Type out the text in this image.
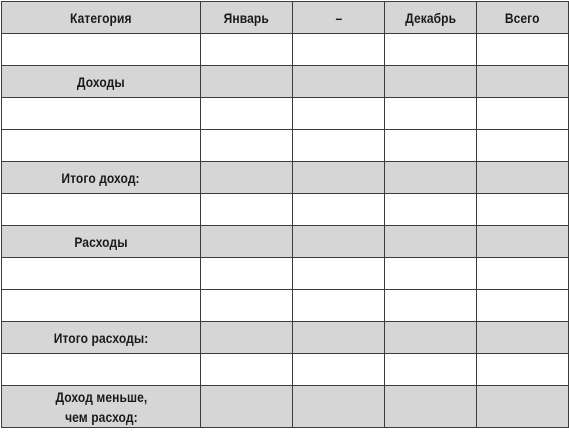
Категория	Январь	–	Декабрь	Всего

Доходы				

Итого доход:				

Расходы				

Итого расходы:				

Доход меньше,
чем расход:				
